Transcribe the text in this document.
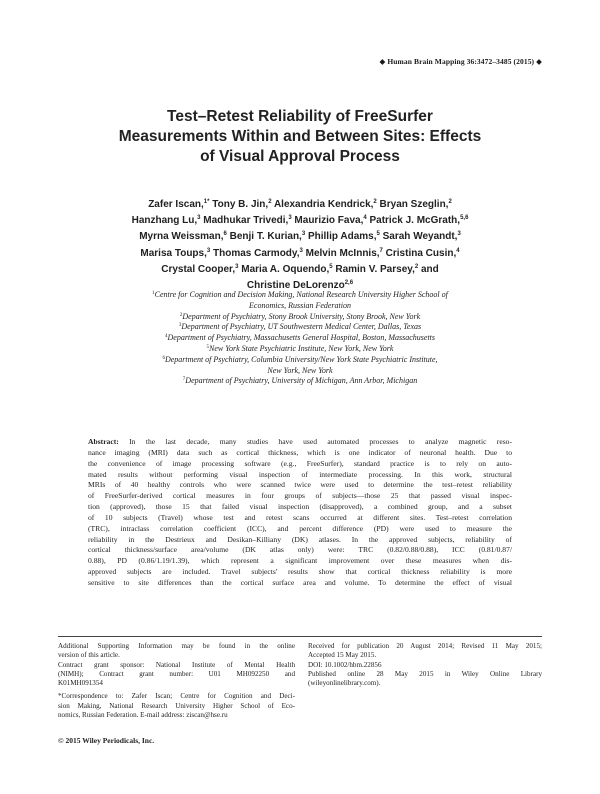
◆ Human Brain Mapping 36:3472–3485 (2015) ◆
Test–Retest Reliability of FreeSurfer
Measurements Within and Between Sites: Effects
of Visual Approval Process
Zafer Iscan,$^{1*}$ Tony B. Jin,$^2$ Alexandria Kendrick,$^2$ Bryan Szeglin,$^2$
Hanzhang Lu,$^3$ Madhukar Trivedi,$^3$ Maurizio Fava,$^4$ Patrick J. McGrath,$^{5,6}$
Myrna Weissman,$^6$ Benji T. Kurian,$^3$ Phillip Adams,$^5$ Sarah Weyandt,$^3$
Marisa Toups,$^3$ Thomas Carmody,$^3$ Melvin McInnis,$^7$ Cristina Cusin,$^4$
Crystal Cooper,$^3$ Maria A. Oquendo,$^5$ Ramin V. Parsey,$^2$ and
Christine DeLorenzo$^{2,6}$
$^1$Centre for Cognition and Decision Making, National Research University Higher School of
Economics, Russian Federation
$^2$Department of Psychiatry, Stony Brook University, Stony Brook, New York
$^3$Department of Psychiatry, UT Southwestern Medical Center, Dallas, Texas
$^4$Department of Psychiatry, Massachusetts General Hospital, Boston, Massachusetts
$^5$New York State Psychiatric Institute, New York, New York
$^6$Department of Psychiatry, Columbia University/New York State Psychiatric Institute,
New York, New York
$^7$Department of Psychiatry, University of Michigan, Ann Arbor, Michigan
Abstract: In the last decade, many studies have used automated processes to analyze magnetic reso-
nance imaging (MRI) data such as cortical thickness, which is one indicator of neuronal health. Due to
the convenience of image processing software (e.g., FreeSurfer), standard practice is to rely on auto-
mated results without performing visual inspection of intermediate processing. In this work, structural
MRIs of 40 healthy controls who were scanned twice were used to determine the test–retest reliability
of FreeSurfer-derived cortical measures in four groups of subjects—those 25 that passed visual inspec-
tion (approved), those 15 that failed visual inspection (disapproved), a combined group, and a subset
of 10 subjects (Travel) whose test and retest scans occurred at different sites. Test–retest correlation
(TRC), intraclass correlation coefficient (ICC), and percent difference (PD) were used to measure the
reliability in the Destrieux and Desikan–Killiany (DK) atlases. In the approved subjects, reliability of
cortical thickness/surface area/volume (DK atlas only) were: TRC (0.82/0.88/0.88), ICC (0.81/0.87/
0.88), PD (0.86/1.19/1.39), which represent a significant improvement over these measures when dis-
approved subjects are included. Travel subjects' results show that cortical thickness reliability is more
sensitive to site differences than the cortical surface area and volume. To determine the effect of visual
Additional Supporting Information may be found in the online
version of this article.
Contract grant sponsor: National Institute of Mental Health
(NIMH); Contract grant number: U01 MH092250 and
K01MH091354
*Correspondence to: Zafer Iscan; Centre for Cognition and Deci-
sion Making, National Research University Higher School of Eco-
nomics, Russian Federation. E-mail address: ziscan@hse.ru
Received for publication 20 August 2014; Revised 11 May 2015;
Accepted 15 May 2015.
DOI: 10.1002/hbm.22856
Published online 28 May 2015 in Wiley Online Library
(wileyonlinelibrary.com).
© 2015 Wiley Periodicals, Inc.
